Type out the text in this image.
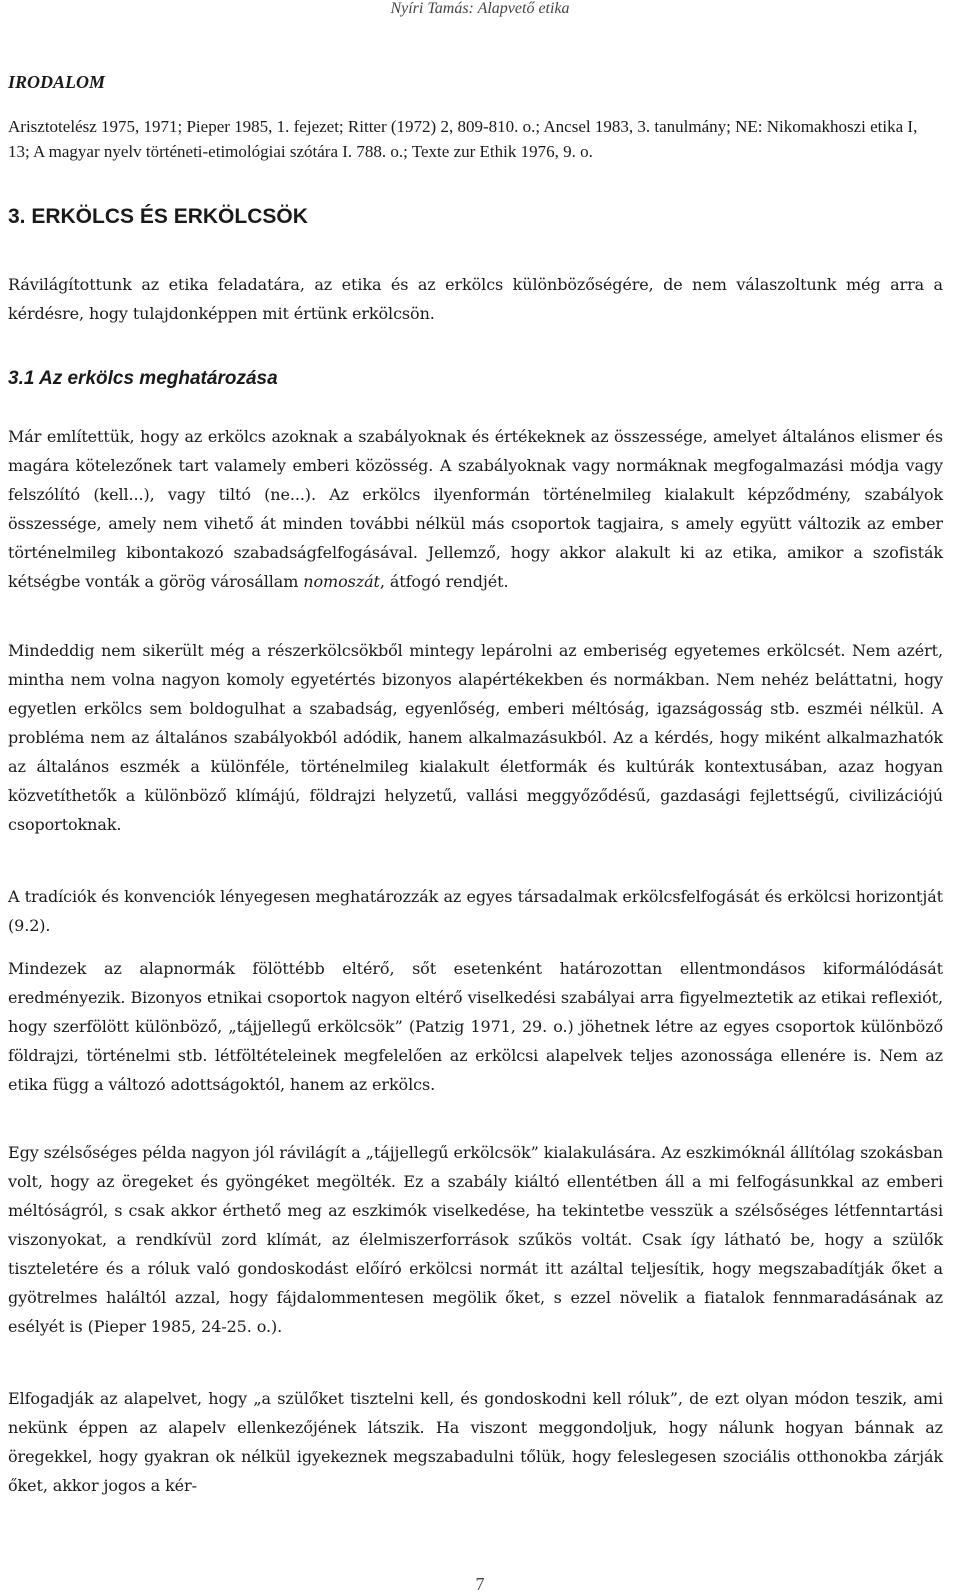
Nyíri Tamás: Alapvető etika
IRODALOM

Arisztotelész 1975, 1971; Pieper 1985, 1. fejezet; Ritter (1972) 2, 809-810. o.; Ancsel 1983, 3. tanulmány; NE: Nikomakhoszi etika I, 13; A magyar nyelv történeti-etimológiai szótára I. 788. o.; Texte zur Ethik 1976, 9. o.

3. ERKÖLCS ÉS ERKÖLCSÖK

Rávilágítottunk az etika feladatára, az etika és az erkölcs különbözőségére, de nem válaszoltunk még arra a kérdésre, hogy tulajdonképpen mit értünk erkölcsön.

3.1 Az erkölcs meghatározása

Már említettük, hogy az erkölcs azoknak a szabályoknak és értékeknek az összessége, amelyet általános elismer és magára kötelezőnek tart valamely emberi közösség. A szabályoknak vagy normáknak megfogalmazási módja vagy felszólító (kell...), vagy tiltó (ne...). Az erkölcs ilyenformán történelmileg kialakult képződmény, szabályok összessége, amely nem vihető át minden további nélkül más csoportok tagjaira, s amely együtt változik az ember történelmileg kibontakozó szabadságfelfogásával. Jellemző, hogy akkor alakult ki az etika, amikor a szofisták kétségbe vonták a görög városállam nomoszát, átfogó rendjét.

Mindeddig nem sikerült még a részerkölcsökből mintegy lepárolni az emberiség egyetemes erkölcsét. Nem azért, mintha nem volna nagyon komoly egyetértés bizonyos alapértékekben és normákban. Nem nehéz beláttatni, hogy egyetlen erkölcs sem boldogulhat a szabadság, egyenlőség, emberi méltóság, igazságosság stb. eszméi nélkül. A probléma nem az általános szabályokból adódik, hanem alkalmazásukból. Az a kérdés, hogy miként alkalmazhatók az általános eszmék a különféle, történelmileg kialakult életformák és kultúrák kontextusában, azaz hogyan közvetíthetők a különböző klímájú, földrajzi helyzetű, vallási meggyőződésű, gazdasági fejlettségű, civilizációjú csoportoknak.

A tradíciók és konvenciók lényegesen meghatározzák az egyes társadalmak erkölcsfelfogását és erkölcsi horizontját (9.2).

Mindezek az alapnormák fölöttébb eltérő, sőt esetenként határozottan ellentmondásos kiformálódását eredményezik. Bizonyos etnikai csoportok nagyon eltérő viselkedési szabályai arra figyelmeztetik az etikai reflexiót, hogy szerfölött különböző, „tájjellegű erkölcsök” (Patzig 1971, 29. o.) jöhetnek létre az egyes csoportok különböző földrajzi, történelmi stb. létföltételeinek megfelelően az erkölcsi alapelvek teljes azonossága ellenére is. Nem az etika függ a változó adottságoktól, hanem az erkölcs.

Egy szélsőséges példa nagyon jól rávilágít a „tájjellegű erkölcsök” kialakulására. Az eszkimóknál állítólag szokásban volt, hogy az öregeket és gyöngéket megölték. Ez a szabály kiáltó ellentétben áll a mi felfogásunkkal az emberi méltóságról, s csak akkor érthető meg az eszkimók viselkedése, ha tekintetbe vesszük a szélsőséges létfenntartási viszonyokat, a rendkívül zord klímát, az élelmiszerforrások szűkös voltát. Csak így látható be, hogy a szülők tiszteletére és a róluk való gondoskodást előíró erkölcsi normát itt azáltal teljesítik, hogy megszabadítják őket a gyötrelmes haláltól azzal, hogy fájdalommentesen megölik őket, s ezzel növelik a fiatalok fennmaradásának az esélyét is (Pieper 1985, 24-25. o.).

Elfogadják az alapelvet, hogy „a szülőket tisztelni kell, és gondoskodni kell róluk”, de ezt olyan módon teszik, ami nekünk éppen az alapelv ellenkezőjének látszik. Ha viszont meggondoljuk, hogy nálunk hogyan bánnak az öregekkel, hogy gyakran ok nélkül igyekeznek megszabadulni tőlük, hogy feleslegesen szociális otthonokba zárják őket, akkor jogos a kér-

7
